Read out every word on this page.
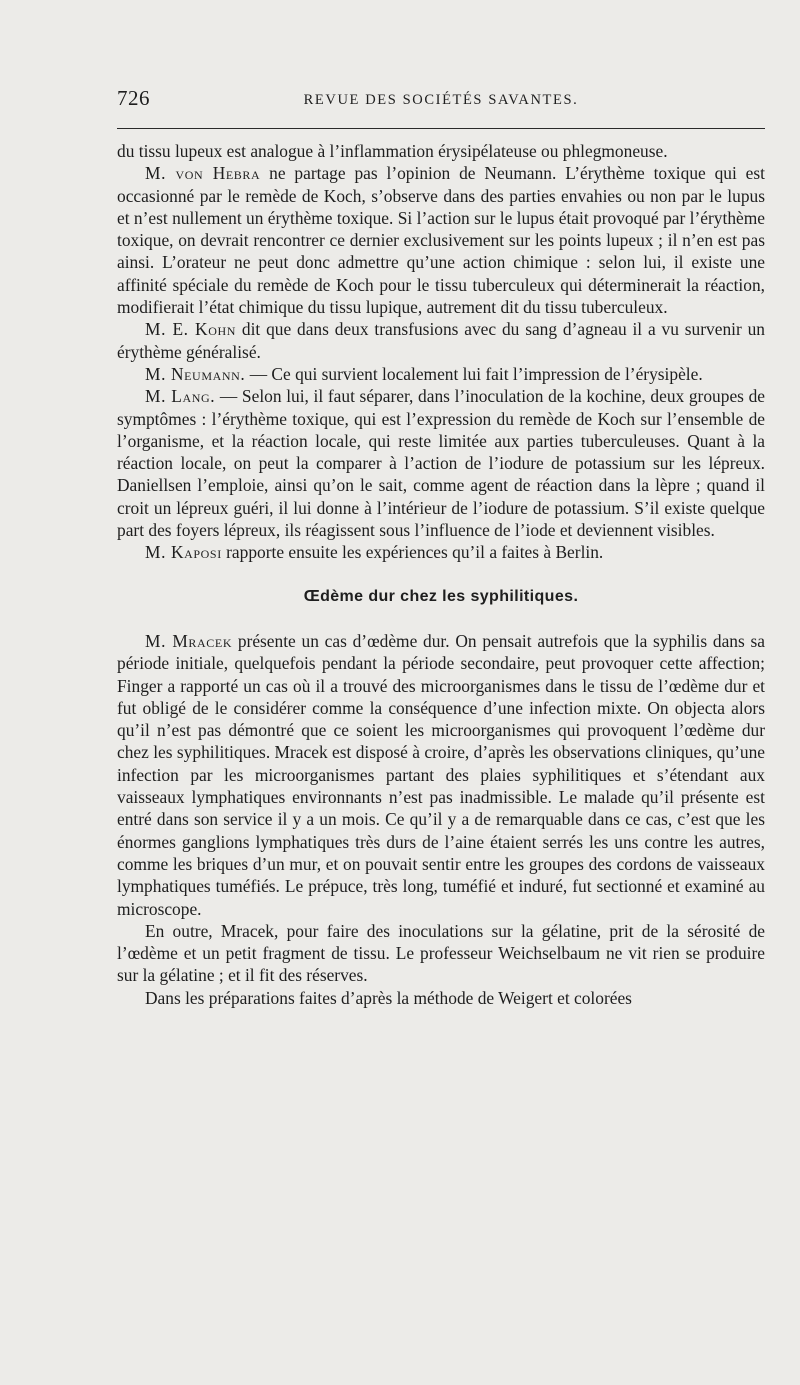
726	REVUE DES SOCIÉTÉS SAVANTES.

du tissu lupeux est analogue à l’inflammation érysipélateuse ou phlegmoneuse.

M. von Hebra ne partage pas l’opinion de Neumann. L’érythème toxique qui est occasionné par le remède de Koch, s’observe dans des parties envahies ou non par le lupus et n’est nullement un érythème toxique. Si l’action sur le lupus était provoqué par l’érythème toxique, on devrait rencontrer ce dernier exclusivement sur les points lupeux ; il n’en est pas ainsi. L’orateur ne peut donc admettre qu’une action chimique : selon lui, il existe une affinité spéciale du remède de Koch pour le tissu tuberculeux qui déterminerait la réaction, modifierait l’état chimique du tissu lupique, autrement dit du tissu tuberculeux.

M. E. Kohn dit que dans deux transfusions avec du sang d’agneau il a vu survenir un érythème généralisé.

M. Neumann. — Ce qui survient localement lui fait l’impression de l’érysipèle.

M. Lang. — Selon lui, il faut séparer, dans l’inoculation de la kochine, deux groupes de symptômes : l’érythème toxique, qui est l’expression du remède de Koch sur l’ensemble de l’organisme, et la réaction locale, qui reste limitée aux parties tuberculeuses. Quant à la réaction locale, on peut la comparer à l’action de l’iodure de potassium sur les lépreux. Daniellsen l’emploie, ainsi qu’on le sait, comme agent de réaction dans la lèpre ; quand il croit un lépreux guéri, il lui donne à l’intérieur de l’iodure de potassium. S’il existe quelque part des foyers lépreux, ils réagissent sous l’influence de l’iode et deviennent visibles.

M. Kaposi rapporte ensuite les expériences qu’il a faites à Berlin.

Œdème dur chez les syphilitiques.

M. Mracek présente un cas d’œdème dur. On pensait autrefois que la syphilis dans sa période initiale, quelquefois pendant la période secondaire, peut provoquer cette affection; Finger a rapporté un cas où il a trouvé des microorganismes dans le tissu de l’œdème dur et fut obligé de le considérer comme la conséquence d’une infection mixte. On objecta alors qu’il n’est pas démontré que ce soient les microorganismes qui provoquent l’œdème dur chez les syphilitiques. Mracek est disposé à croire, d’après les observations cliniques, qu’une infection par les microorganismes partant des plaies syphilitiques et s’étendant aux vaisseaux lymphatiques environnants n’est pas inadmissible. Le malade qu’il présente est entré dans son service il y a un mois. Ce qu’il y a de remarquable dans ce cas, c’est que les énormes ganglions lymphatiques très durs de l’aine étaient serrés les uns contre les autres, comme les briques d’un mur, et on pouvait sentir entre les groupes des cordons de vaisseaux lymphatiques tuméfiés. Le prépuce, très long, tuméfié et induré, fut sectionné et examiné au microscope.

En outre, Mracek, pour faire des inoculations sur la gélatine, prit de la sérosité de l’œdème et un petit fragment de tissu. Le professeur Weichselbaum ne vit rien se produire sur la gélatine ; et il fit des réserves.

Dans les préparations faites d’après la méthode de Weigert et colorées
